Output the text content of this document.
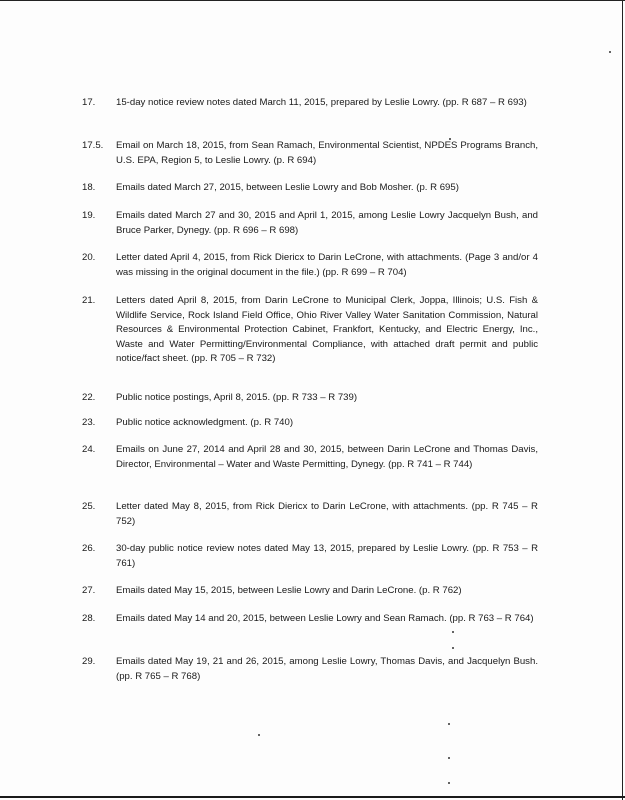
17.	15-day notice review notes dated March 11, 2015, prepared by Leslie Lowry. (pp. R 687 – R 693)
17.5.	Email on March 18, 2015, from Sean Ramach, Environmental Scientist, NPDES Programs Branch, U.S. EPA, Region 5, to Leslie Lowry. (p. R 694)
18.	Emails dated March 27, 2015, between Leslie Lowry and Bob Mosher. (p. R 695)
19.	Emails dated March 27 and 30, 2015 and April 1, 2015, among Leslie Lowry Jacquelyn Bush, and Bruce Parker, Dynegy. (pp. R 696 – R 698)
20.	Letter dated April 4, 2015, from Rick Diericx to Darin LeCrone, with attachments. (Page 3 and/or 4 was missing in the original document in the file.) (pp. R 699 – R 704)
21.	Letters dated April 8, 2015, from Darin LeCrone to Municipal Clerk, Joppa, Illinois; U.S. Fish & Wildlife Service, Rock Island Field Office, Ohio River Valley Water Sanitation Commission, Natural Resources & Environmental Protection Cabinet, Frankfort, Kentucky, and Electric Energy, Inc., Waste and Water Permitting/Environmental Compliance, with attached draft permit and public notice/fact sheet. (pp. R 705 – R 732)
22.	Public notice postings, April 8, 2015. (pp. R 733 – R 739)
23.	Public notice acknowledgment. (p. R 740)
24.	Emails on June 27, 2014 and April 28 and 30, 2015, between Darin LeCrone and Thomas Davis, Director, Environmental – Water and Waste Permitting, Dynegy. (pp. R 741 – R 744)
25.	Letter dated May 8, 2015, from Rick Diericx to Darin LeCrone, with attachments. (pp. R 745 – R 752)
26.	30-day public notice review notes dated May 13, 2015, prepared by Leslie Lowry. (pp. R 753 – R 761)
27.	Emails dated May 15, 2015, between Leslie Lowry and Darin LeCrone. (p. R 762)
28.	Emails dated May 14 and 20, 2015, between Leslie Lowry and Sean Ramach. (pp. R 763 – R 764)
29.	Emails dated May 19, 21 and 26, 2015, among Leslie Lowry, Thomas Davis, and Jacquelyn Bush. (pp. R 765 – R 768)
